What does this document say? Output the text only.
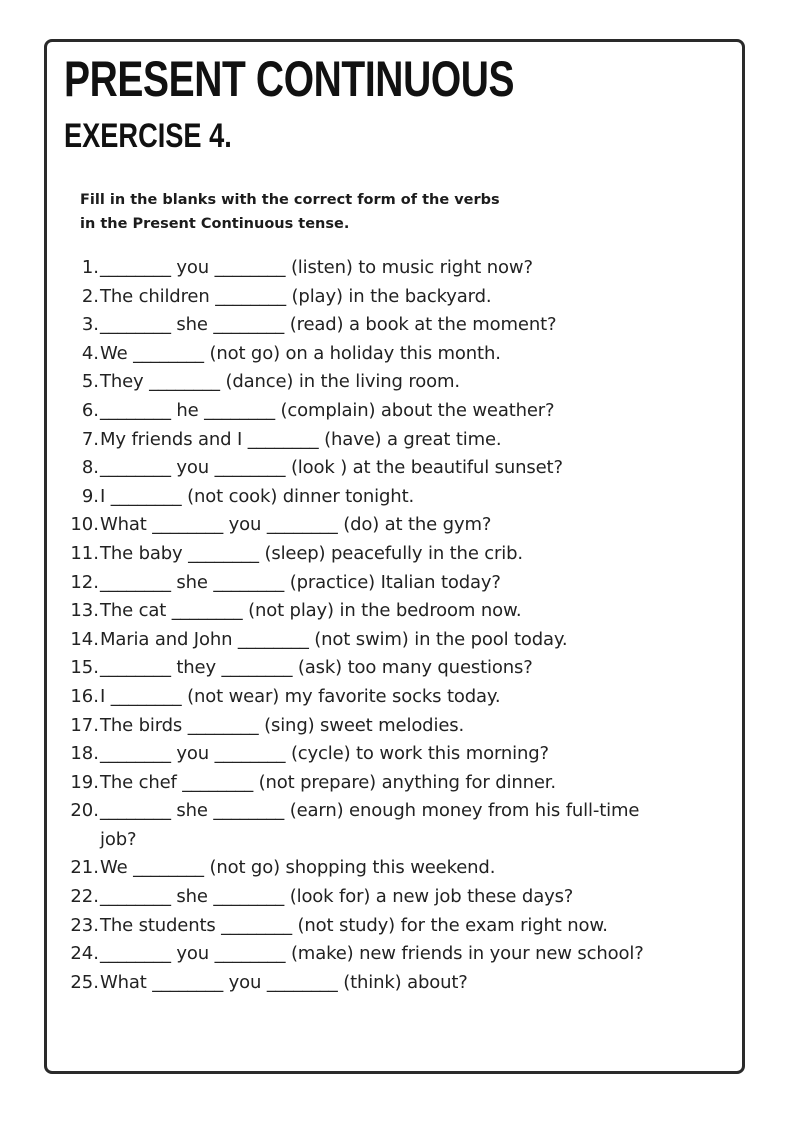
PRESENT CONTINUOUS
EXERCISE 4.

Fill in the blanks with the correct form of the verbs
in the Present Continuous tense.

1. ________ you ________ (listen) to music right now?
2. The children ________ (play) in the backyard.
3. ________ she ________ (read) a book at the moment?
4. We ________ (not go) on a holiday this month.
5. They ________ (dance) in the living room.
6. ________ he ________ (complain) about the weather?
7. My friends and I ________ (have) a great time.
8. ________ you ________ (look ) at the beautiful sunset?
9. I ________ (not cook) dinner tonight.
10. What ________ you ________ (do) at the gym?
11. The baby ________ (sleep) peacefully in the crib.
12. ________ she ________ (practice) Italian today?
13. The cat ________ (not play) in the bedroom now.
14. Maria and John ________ (not swim) in the pool today.
15. ________ they ________ (ask) too many questions?
16. I ________ (not wear) my favorite socks today.
17. The birds ________ (sing) sweet melodies.
18. ________ you ________ (cycle) to work this morning?
19. The chef ________ (not prepare) anything for dinner.
20. ________ she ________ (earn) enough money from his full-time job?
21. We ________ (not go) shopping this weekend.
22. ________ she ________ (look for) a new job these days?
23. The students ________ (not study) for the exam right now.
24. ________ you ________ (make) new friends in your new school?
25. What ________ you ________ (think) about?
